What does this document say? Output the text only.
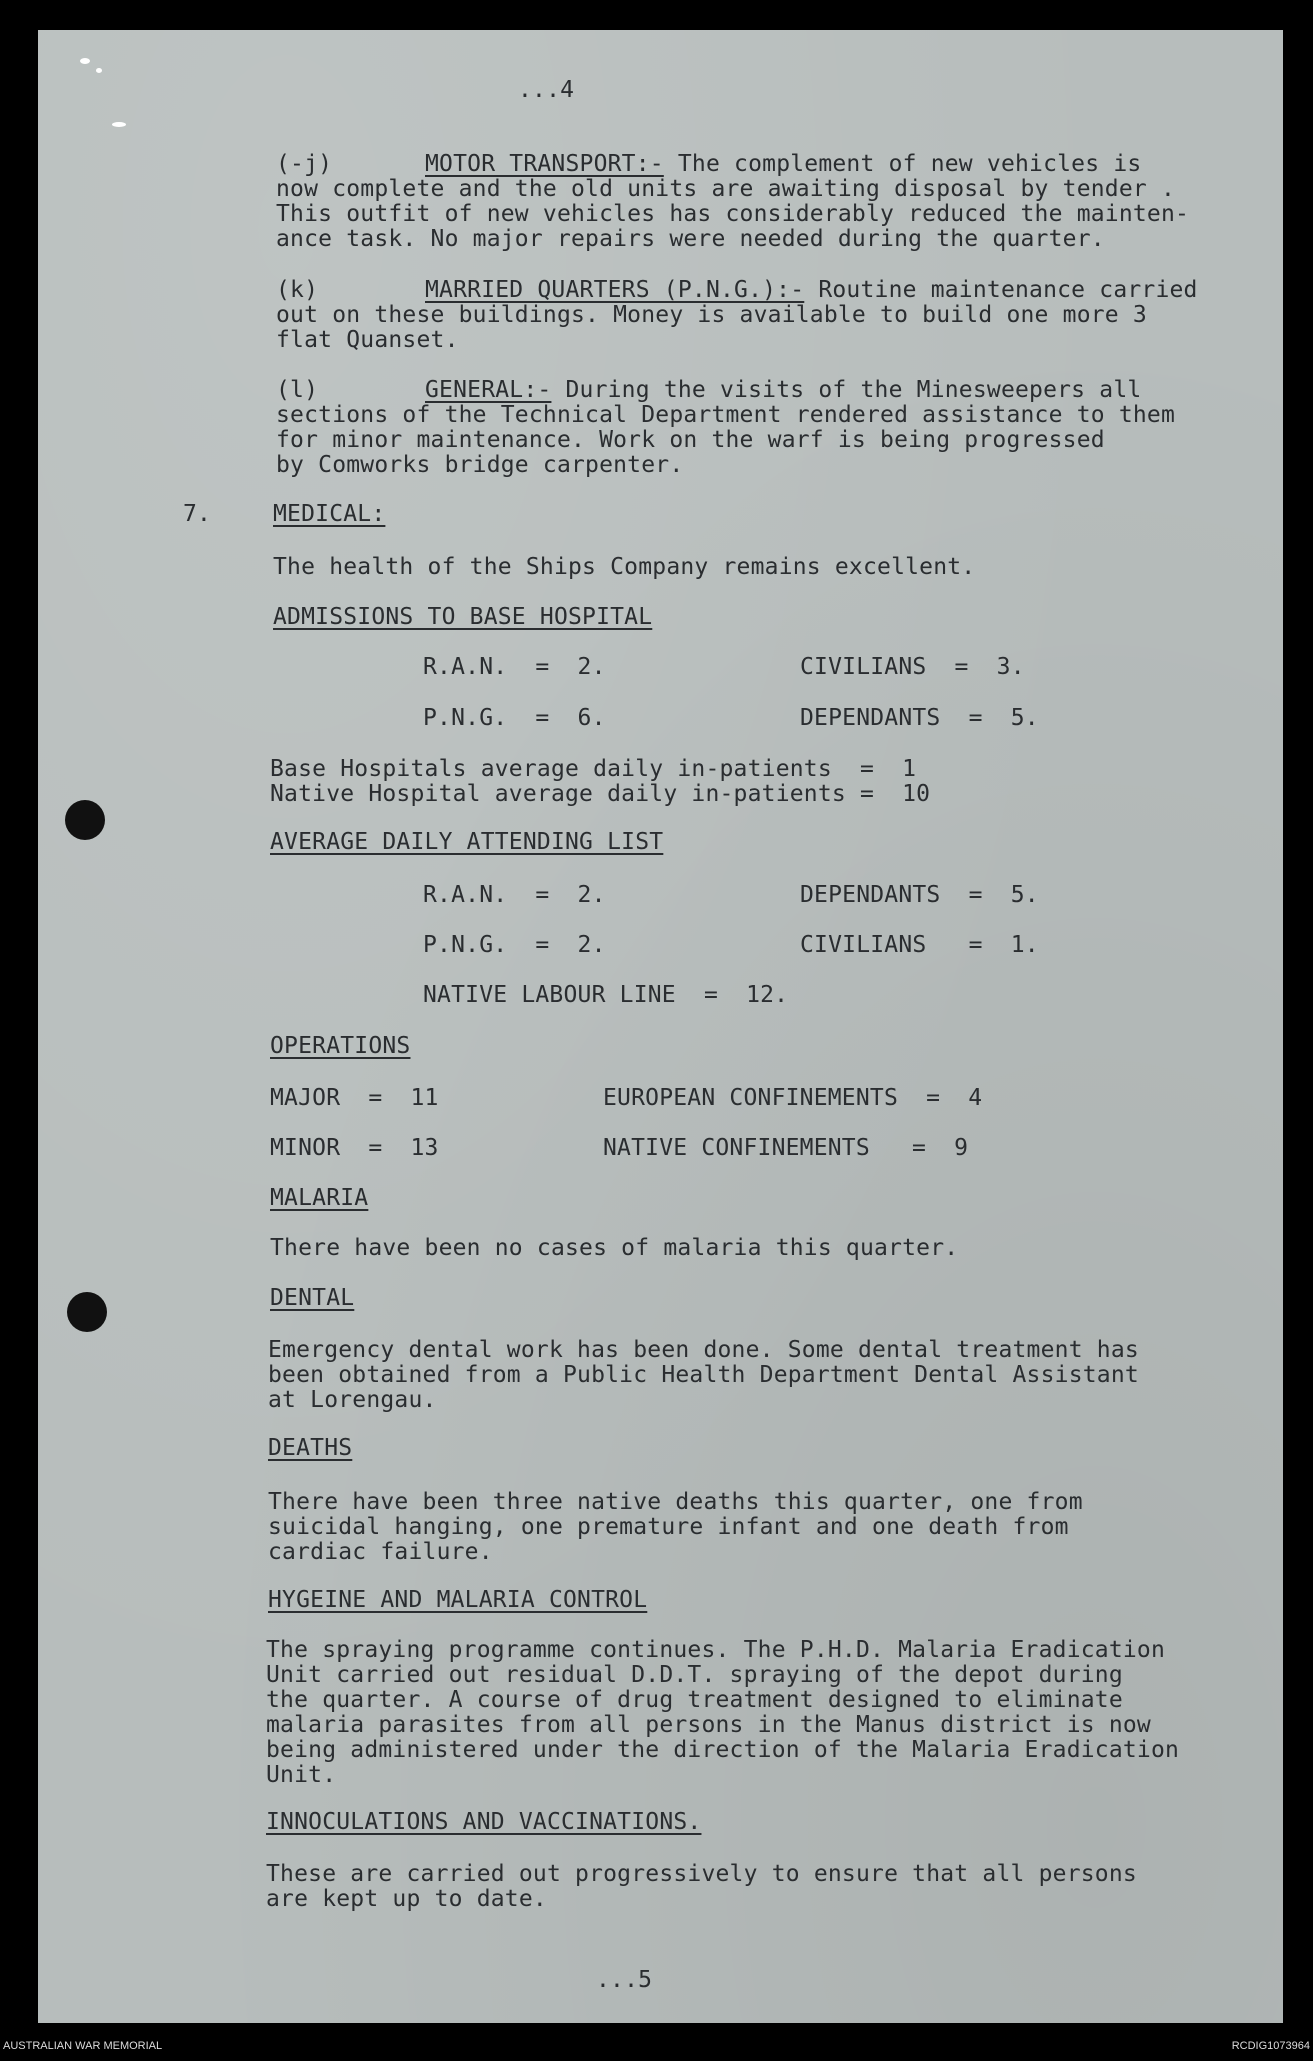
...4
(-j)	MOTOR TRANSPORT:- The complement of new vehicles is
now complete and the old units are awaiting disposal by tender .
This outfit of new vehicles has considerably reduced the mainten-
ance task. No major repairs were needed during the quarter.
(k)	MARRIED QUARTERS (P.N.G.):- Routine maintenance carried
out on these buildings. Money is available to build one more 3
flat Quanset.
(l)	GENERAL:- During the visits of the Minesweepers all
sections of the Technical Department rendered assistance to them
for minor maintenance. Work on the warf is being progressed
by Comworks bridge carpenter.
7.	MEDICAL:
The health of the Ships Company remains excellent.
ADMISSIONS TO BASE HOSPITAL
R.A.N.  =  2.	CIVILIANS  =  3.
P.N.G.  =  6.	DEPENDANTS  =  5.
Base Hospitals average daily in-patients  =  1
Native Hospital average daily in-patients =  10
AVERAGE DAILY ATTENDING LIST
R.A.N.  =  2.	DEPENDANTS  =  5.
P.N.G.  =  2.	CIVILIANS   =  1.
NATIVE LABOUR LINE  =  12.
OPERATIONS
MAJOR  =  11	EUROPEAN CONFINEMENTS  =  4
MINOR  =  13	NATIVE CONFINEMENTS   =  9
MALARIA
There have been no cases of malaria this quarter.
DENTAL
Emergency dental work has been done. Some dental treatment has
been obtained from a Public Health Department Dental Assistant
at Lorengau.
DEATHS
There have been three native deaths this quarter, one from
suicidal hanging, one premature infant and one death from
cardiac failure.
HYGEINE AND MALARIA CONTROL
The spraying programme continues. The P.H.D. Malaria Eradication
Unit carried out residual D.D.T. spraying of the depot during
the quarter. A course of drug treatment designed to eliminate
malaria parasites from all persons in the Manus district is now
being administered under the direction of the Malaria Eradication
Unit.
INNOCULATIONS AND VACCINATIONS.
These are carried out progressively to ensure that all persons
are kept up to date.
...5
AUSTRALIAN WAR MEMORIAL	RCDIG1073964
